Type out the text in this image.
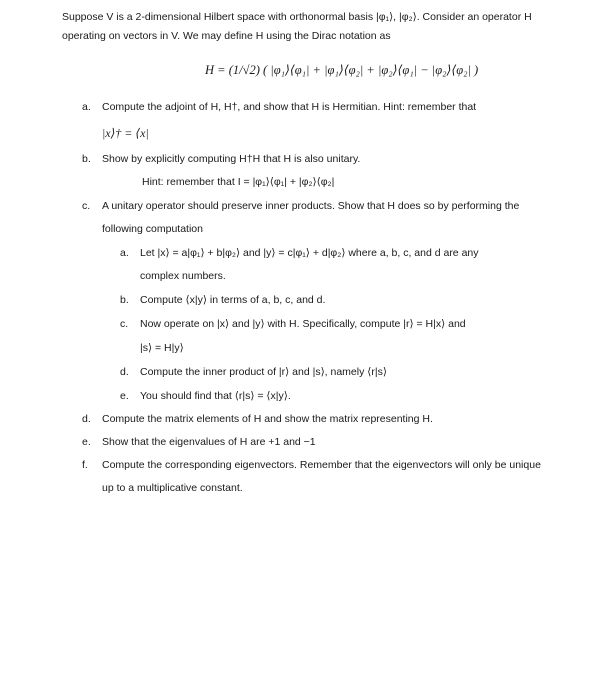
Suppose V is a 2-dimensional Hilbert space with orthonormal basis |φ₁⟩, |φ₂⟩. Consider an operator H
operating on vectors in V. We may define H using the Dirac notation as
H = (1/√2) ( |φ₁⟩⟨φ₁| + |φ₁⟩⟨φ₂| + |φ₂⟩⟨φ₁| − |φ₂⟩⟨φ₂| )
a. Compute the adjoint of H, H†, and show that H is Hermitian. Hint: remember that
|x⟩† = ⟨x|
b. Show by explicitly computing H†H that H is also unitary.
Hint: remember that I = |φ₁⟩⟨φ₁| + |φ₂⟩⟨φ₂|
c. A unitary operator should preserve inner products. Show that H does so by performing the
following computation
a. Let |x⟩ = a|φ₁⟩ + b|φ₂⟩ and |y⟩ = c|φ₁⟩ + d|φ₂⟩ where a, b, c, and d are any
complex numbers.
b. Compute ⟨x|y⟩ in terms of a, b, c, and d.
c. Now operate on |x⟩ and |y⟩ with H. Specifically, compute |r⟩ = H|x⟩ and
|s⟩ = H|y⟩
d. Compute the inner product of |r⟩ and |s⟩, namely ⟨r|s⟩
e. You should find that ⟨r|s⟩ = ⟨x|y⟩.
d. Compute the matrix elements of H and show the matrix representing H.
e. Show that the eigenvalues of H are +1 and −1
f. Compute the corresponding eigenvectors. Remember that the eigenvectors will only be unique
up to a multiplicative constant.
